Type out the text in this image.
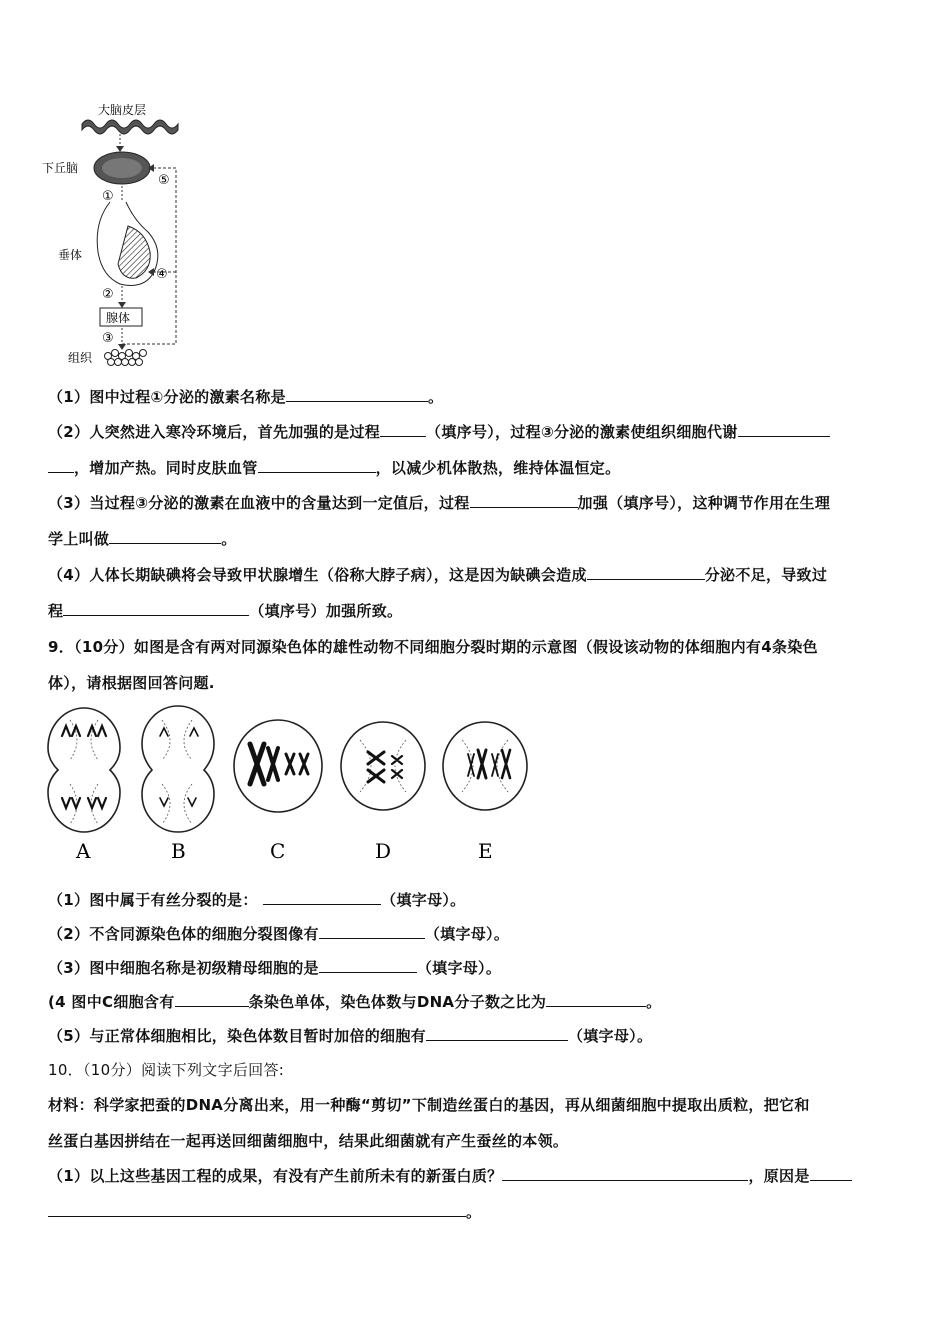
大脑皮层
下丘脑
①
垂体
②
腺体
③
组织
⑤
④
（1）图中过程①分泌的激素名称是	。
（2）人突然进入寒冷环境后，首先加强的是过程	（填序号），过程③分泌的激素使组织细胞代谢
，增加产热。同时皮肤血管	，以减少机体散热，维持体温恒定。
（3）当过程③分泌的激素在血液中的含量达到一定值后，过程	加强（填序号），这种调节作用在生理
学上叫做	。
（4）人体长期缺碘将会导致甲状腺增生（俗称大脖子病），这是因为缺碘会造成	分泌不足，导致过
程	（填序号）加强所致。
9．（10分）如图是含有两对同源染色体的雄性动物不同细胞分裂时期的示意图（假设该动物的体细胞内有4条染色
体），请根据图回答问题.
A	B	C	D	E
（1）图中属于有丝分裂的是：	（填字母）。
（2）不含同源染色体的细胞分裂图像有	（填字母）。
（3）图中细胞名称是初级精母细胞的是	（填字母）。
(4 图中C细胞含有	条染色单体，染色体数与DNA分子数之比为	。
（5）与正常体细胞相比，染色体数目暂时加倍的细胞有	（填字母）。
10．（10分）阅读下列文字后回答:
材料：科学家把蚕的DNA分离出来，用一种酶“剪切”下制造丝蛋白的基因，再从细菌细胞中提取出质粒，把它和
丝蛋白基因拼结在一起再送回细菌细胞中，结果此细菌就有产生蚕丝的本领。
（1）以上这些基因工程的成果，有没有产生前所未有的新蛋白质？	，原因是
。
